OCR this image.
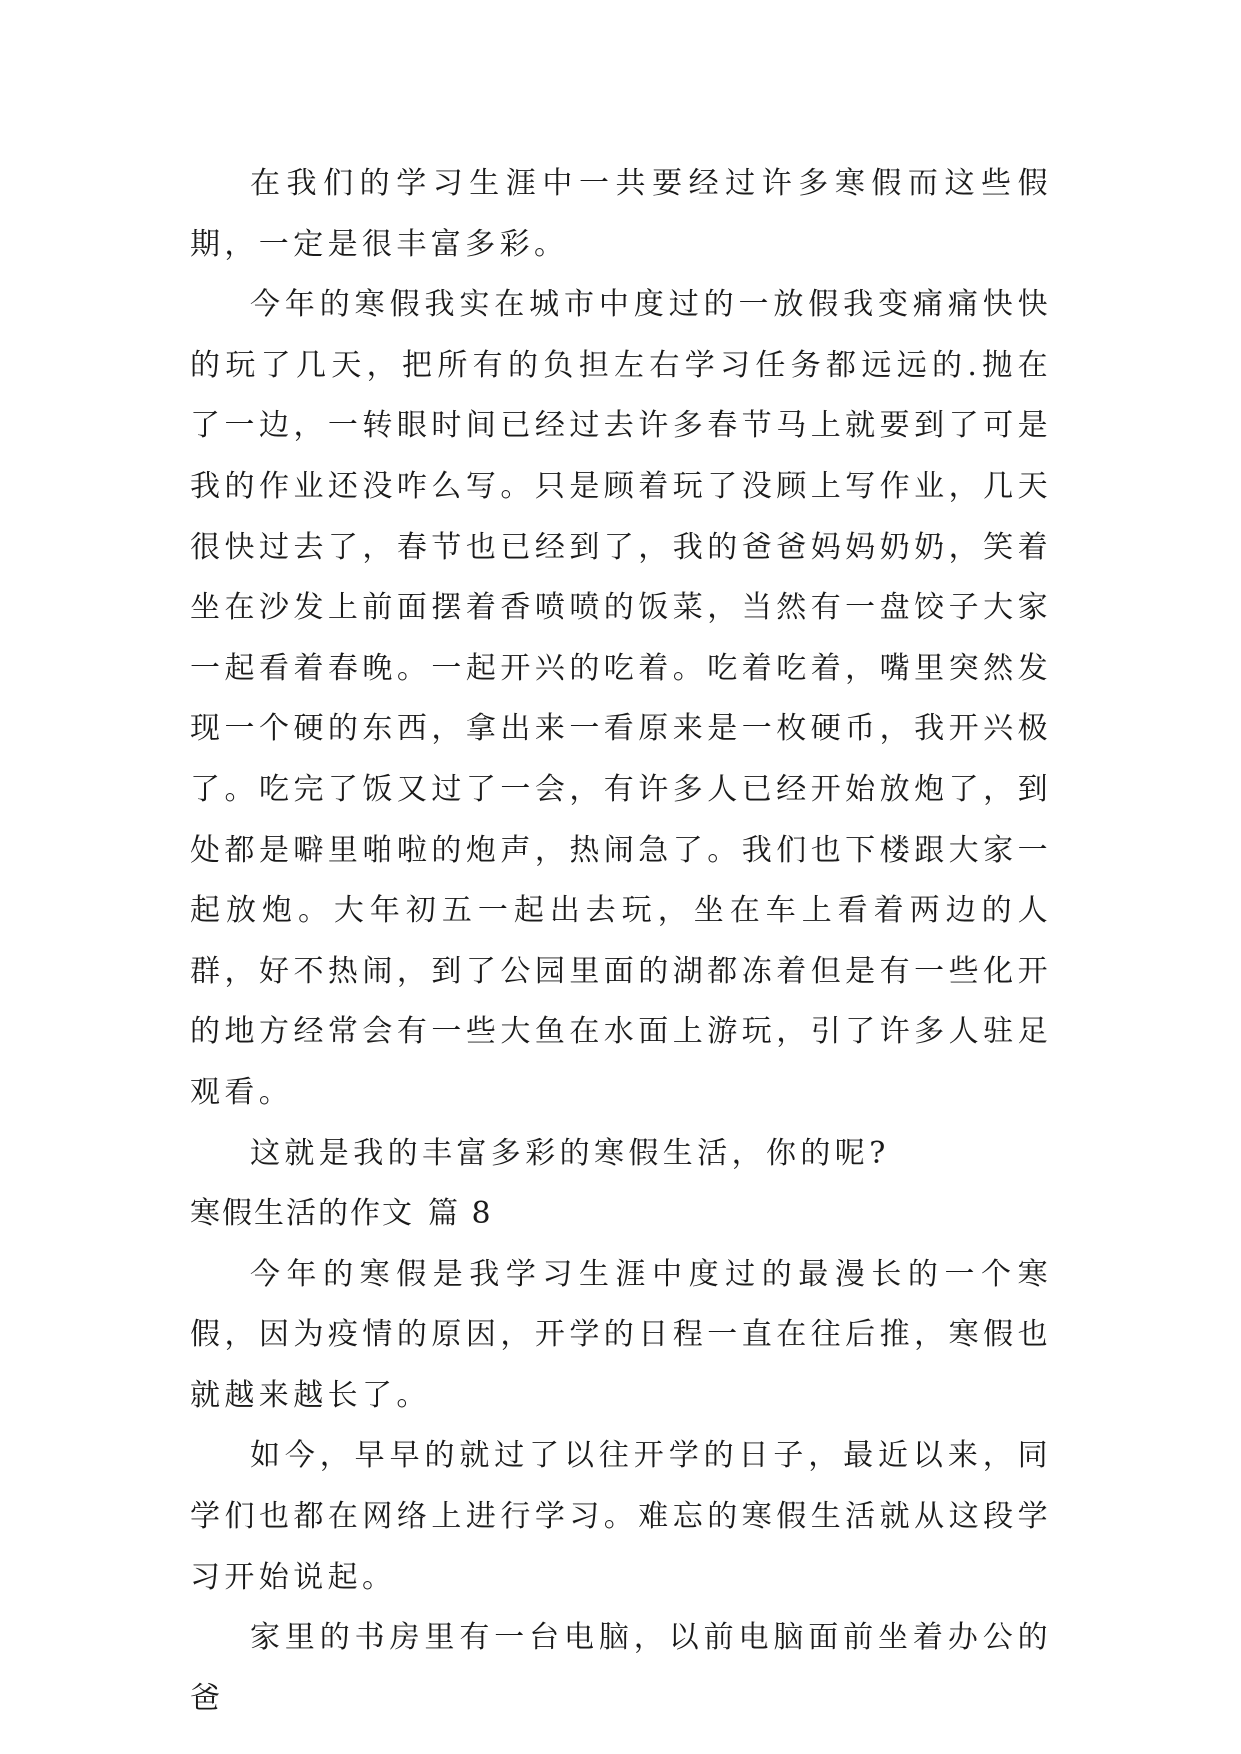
在我们的学习生涯中一共要经过许多寒假而这些假期，一定是很丰富多彩。

今年的寒假我实在城市中度过的一放假我变痛痛快快的玩了几天，把所有的负担左右学习任务都远远的.抛在了一边，一转眼时间已经过去许多春节马上就要到了可是我的作业还没咋么写。只是顾着玩了没顾上写作业，几天很快过去了，春节也已经到了，我的爸爸妈妈奶奶，笑着坐在沙发上前面摆着香喷喷的饭菜，当然有一盘饺子大家一起看着春晚。一起开兴的吃着。吃着吃着，嘴里突然发现一个硬的东西，拿出来一看原来是一枚硬币，我开兴极了。吃完了饭又过了一会，有许多人已经开始放炮了，到处都是噼里啪啦的炮声，热闹急了。我们也下楼跟大家一起放炮。大年初五一起出去玩，坐在车上看着两边的人群，好不热闹，到了公园里面的湖都冻着但是有一些化开的地方经常会有一些大鱼在水面上游玩，引了许多人驻足观看。

这就是我的丰富多彩的寒假生活，你的呢?

寒假生活的作文 篇 8

今年的寒假是我学习生涯中度过的最漫长的一个寒假，因为疫情的原因，开学的日程一直在往后推，寒假也就越来越长了。

如今，早早的就过了以往开学的日子，最近以来，同学们也都在网络上进行学习。难忘的寒假生活就从这段学习开始说起。

家里的书房里有一台电脑，以前电脑面前坐着办公的爸
